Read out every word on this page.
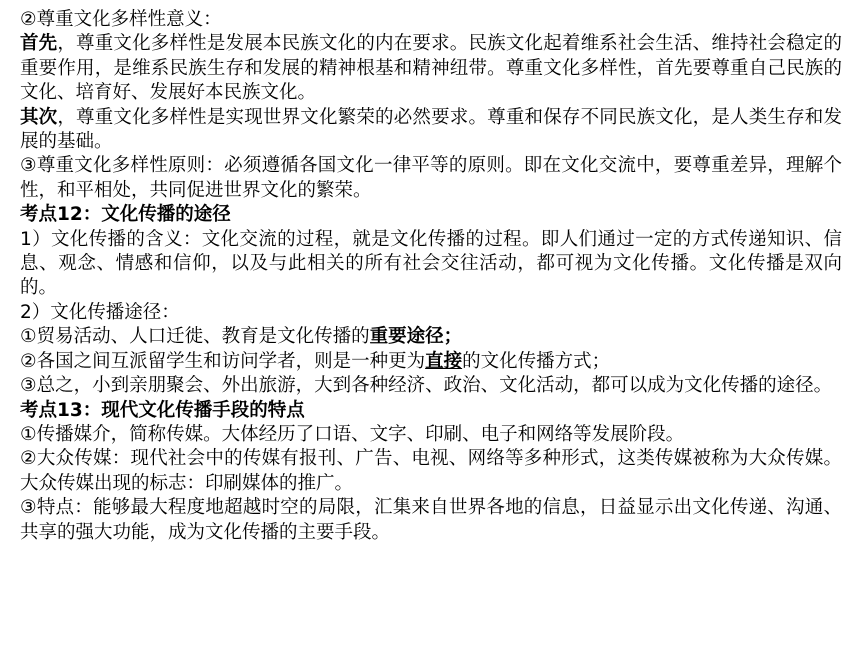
②尊重文化多样性意义：

首先，尊重文化多样性是发展本民族文化的内在要求。民族文化起着维系社会生活、维持社会稳定的重要作用，是维系民族生存和发展的精神根基和精神纽带。尊重文化多样性，首先要尊重自己民族的文化、培育好、发展好本民族文化。

其次，尊重文化多样性是实现世界文化繁荣的必然要求。尊重和保存不同民族文化，是人类生存和发展的基础。

③尊重文化多样性原则：必须遵循各国文化一律平等的原则。即在文化交流中，要尊重差异，理解个性，和平相处，共同促进世界文化的繁荣。

考点12：文化传播的途径

1）文化传播的含义：文化交流的过程，就是文化传播的过程。即人们通过一定的方式传递知识、信息、观念、情感和信仰，以及与此相关的所有社会交往活动，都可视为文化传播。文化传播是双向的。

2）文化传播途径：

①贸易活动、人口迁徙、教育是文化传播的重要途径；

②各国之间互派留学生和访问学者，则是一种更为直接的文化传播方式；

③总之，小到亲朋聚会、外出旅游，大到各种经济、政治、文化活动，都可以成为文化传播的途径。

考点13：现代文化传播手段的特点

①传播媒介，简称传媒。大体经历了口语、文字、印刷、电子和网络等发展阶段。

②大众传媒：现代社会中的传媒有报刊、广告、电视、网络等多种形式，这类传媒被称为大众传媒。大众传媒出现的标志：印刷媒体的推广。

③特点：能够最大程度地超越时空的局限，汇集来自世界各地的信息，日益显示出文化传递、沟通、共享的强大功能，成为文化传播的主要手段。
